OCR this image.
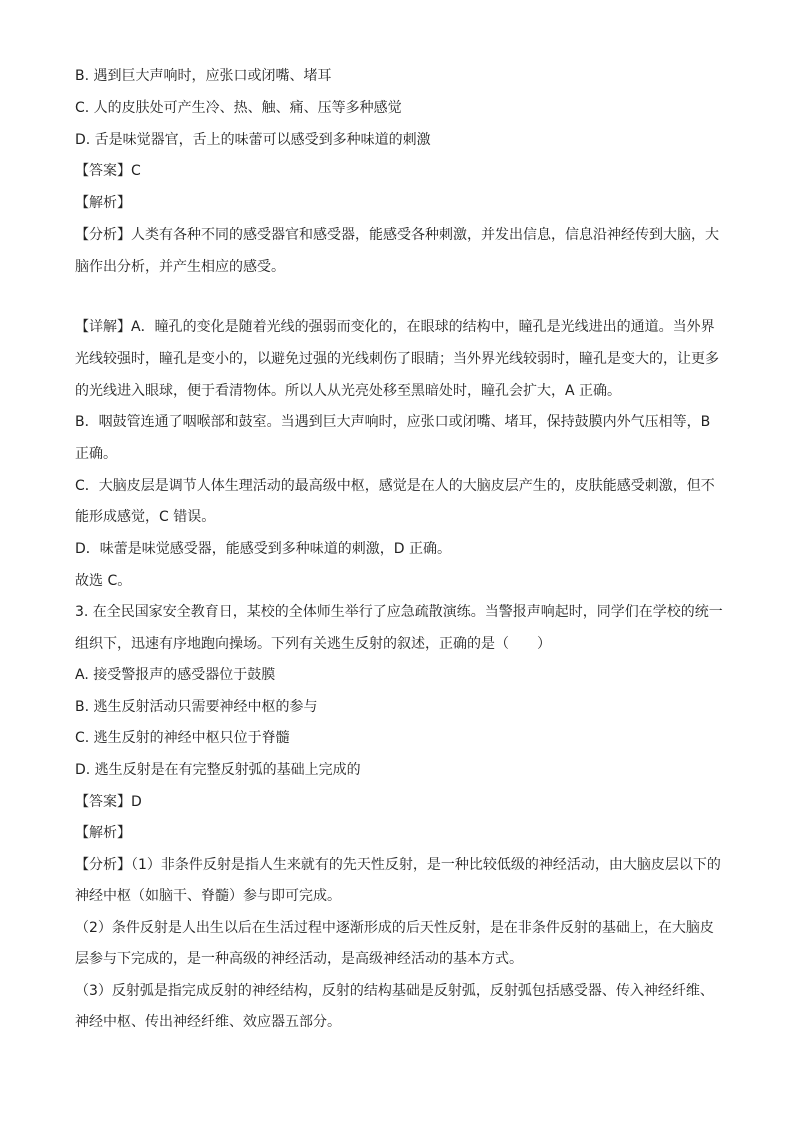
B. 遇到巨大声响时，应张口或闭嘴、堵耳
C. 人的皮肤处可产生冷、热、触、痛、压等多种感觉
D. 舌是味觉器官，舌上的味蕾可以感受到多种味道的刺激
【答案】C
【解析】
【分析】人类有各种不同的感受器官和感受器，能感受各种刺激，并发出信息，信息沿神经传到大脑，大
脑作出分析，并产生相应的感受。
【详解】A．瞳孔的变化是随着光线的强弱而变化的，在眼球的结构中，瞳孔是光线进出的通道。当外界
光线较强时，瞳孔是变小的，以避免过强的光线刺伤了眼睛；当外界光线较弱时，瞳孔是变大的，让更多
的光线进入眼球，便于看清物体。所以人从光亮处移至黑暗处时，瞳孔会扩大，A 正确。
B．咽鼓管连通了咽喉部和鼓室。当遇到巨大声响时，应张口或闭嘴、堵耳，保持鼓膜内外气压相等，B
正确。
C．大脑皮层是调节人体生理活动的最高级中枢，感觉是在人的大脑皮层产生的，皮肤能感受刺激，但不
能形成感觉，C 错误。
D．味蕾是味觉感受器，能感受到多种味道的刺激，D 正确。
故选 C。
3. 在全民国家安全教育日，某校的全体师生举行了应急疏散演练。当警报声响起时，同学们在学校的统一
组织下，迅速有序地跑向操场。下列有关逃生反射的叙述，正确的是（　　）
A. 接受警报声的感受器位于鼓膜
B. 逃生反射活动只需要神经中枢的参与
C. 逃生反射的神经中枢只位于脊髓
D. 逃生反射是在有完整反射弧的基础上完成的
【答案】D
【解析】
【分析】（1）非条件反射是指人生来就有的先天性反射，是一种比较低级的神经活动，由大脑皮层以下的
神经中枢（如脑干、脊髓）参与即可完成。
（2）条件反射是人出生以后在生活过程中逐渐形成的后天性反射，是在非条件反射的基础上，在大脑皮
层参与下完成的，是一种高级的神经活动，是高级神经活动的基本方式。
（3）反射弧是指完成反射的神经结构，反射的结构基础是反射弧，反射弧包括感受器、传入神经纤维、
神经中枢、传出神经纤维、效应器五部分。
